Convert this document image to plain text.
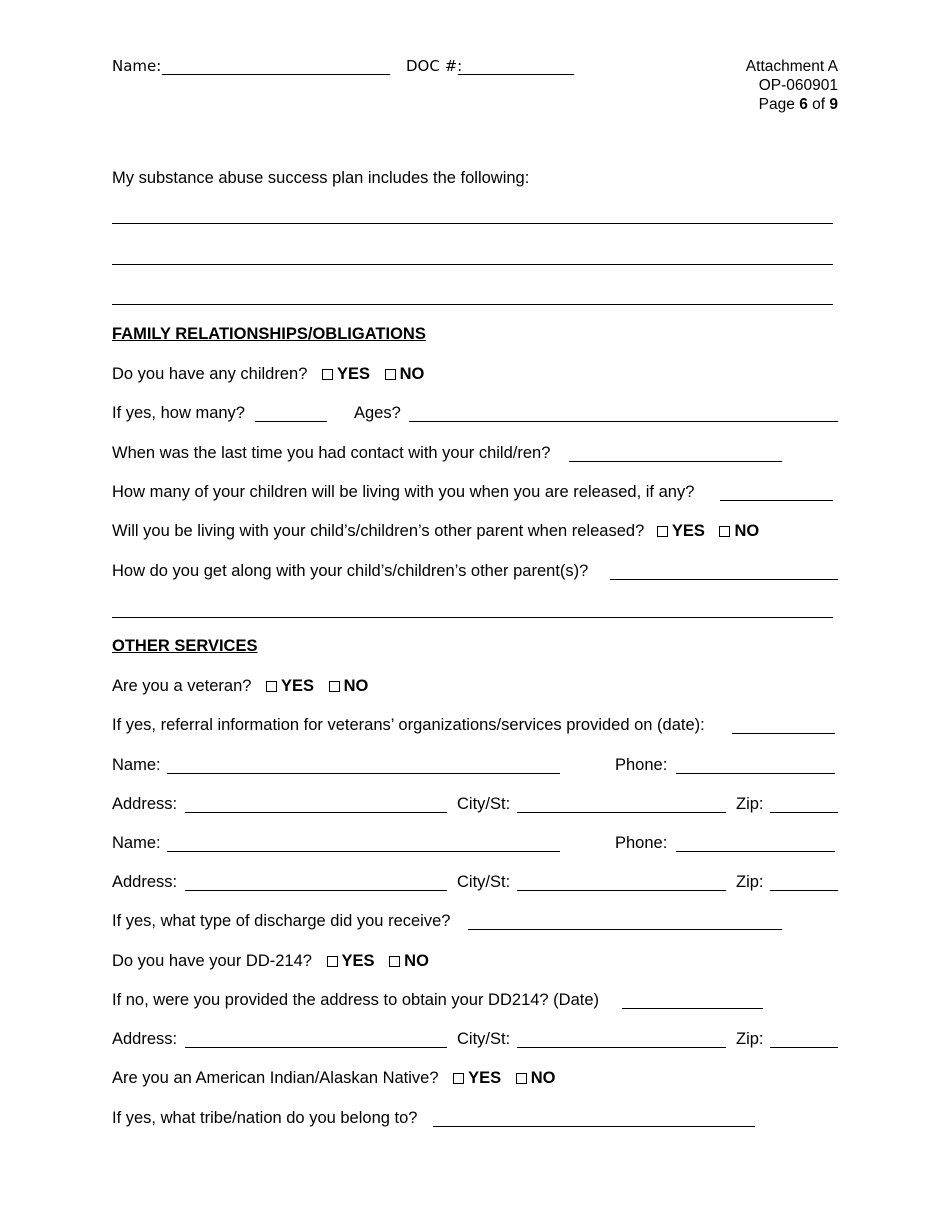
Name:	DOC #:	Attachment A
OP-060901
Page 6 of 9
My substance abuse success plan includes the following:
FAMILY RELATIONSHIPS/OBLIGATIONS
Do you have any children? YES NO
If yes, how many?	Ages?
When was the last time you had contact with your child/ren?
How many of your children will be living with you when you are released, if any?
Will you be living with your child’s/children’s other parent when released? YES NO
How do you get along with your child’s/children’s other parent(s)?
OTHER SERVICES
Are you a veteran? YES NO
If yes, referral information for veterans’ organizations/services provided on (date):
Name:	Phone:
Address:	City/St:	Zip:
Name:	Phone:
Address:	City/St:	Zip:
If yes, what type of discharge did you receive?
Do you have your DD-214? YES NO
If no, were you provided the address to obtain your DD214? (Date)
Address:	City/St:	Zip:
Are you an American Indian/Alaskan Native? YES NO
If yes, what tribe/nation do you belong to?
